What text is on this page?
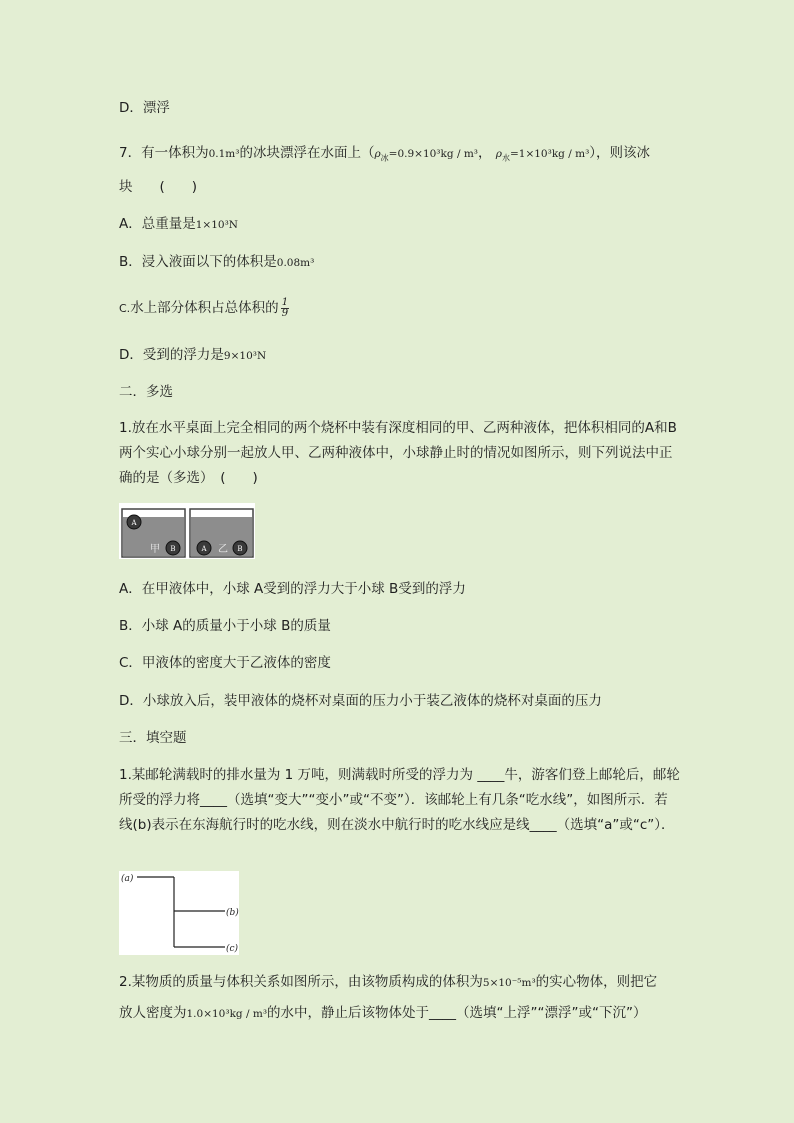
D．漂浮
7．有一体积为0.1m³的冰块漂浮在水面上（$\rho_冰=0.9\times 10^3kg / m^3$， $\rho_水=1\times 10^3kg / m^3$），则该冰
块　　(　　)
A．总重量是1×10³N
B．浸入液面以下的体积是0.08m³
C.水上部分体积占总体积的 $\frac{1}{9}$
D．受到的浮力是9×10³N
二．多选
1.放在水平桌面上完全相同的两个烧杯中装有深度相同的甲、乙两种液体，把体积相同的A和B两个实心小球分别一起放人甲、乙两种液体中，小球静止时的情况如图所示，则下列说法中正确的是（多选）　(　　)
A
B
甲	A 乙 B
A．在甲液体中，小球 A受到的浮力大于小球 B受到的浮力
B．小球 A的质量小于小球 B的质量
C．甲液体的密度大于乙液体的密度
D．小球放入后，装甲液体的烧杯对桌面的压力小于装乙液体的烧杯对桌面的压力
三．填空题
1.某邮轮满载时的排水量为 1 万吨，则满载时所受的浮力为 ____牛，游客们登上邮轮后，邮轮所受的浮力将____（选填“变大”“变小”或“不变”）．该邮轮上有几条“吃水线”，如图所示．若线(b)表示在东海航行时的吃水线，则在淡水中航行时的吃水线应是线____（选填“a”或“c”）．
(a)
(b)
(c)
2.某物质的质量与体积关系如图所示，由该物质构成的体积为5×10⁻⁵m³的实心物体，则把它
放人密度为1.0×10³kg / m³的水中，静止后该物体处于____（选填“上浮”“漂浮”或“下沉”）
